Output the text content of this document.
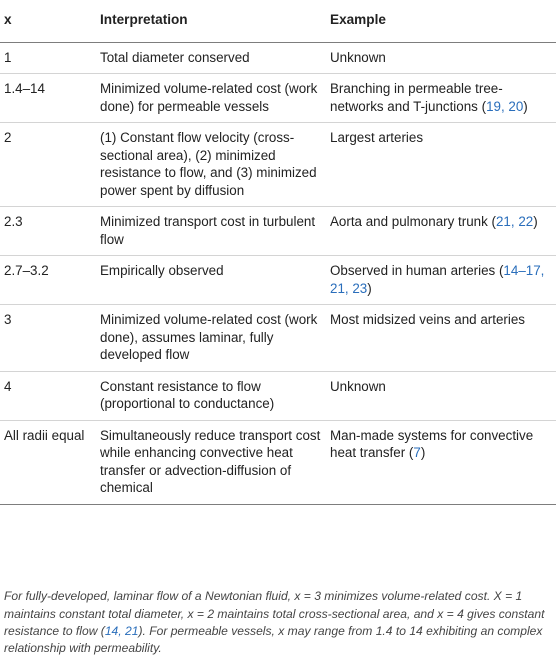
x	Interpretation	Example
1	Total diameter conserved	Unknown
1.4–14	Minimized volume-related cost (work done) for permeable vessels	Branching in permeable tree-networks and T-junctions (19, 20)
2	(1) Constant flow velocity (cross-sectional area), (2) minimized resistance to flow, and (3) minimized power spent by diffusion	Largest arteries
2.3	Minimized transport cost in turbulent flow	Aorta and pulmonary trunk (21, 22)
2.7–3.2	Empirically observed	Observed in human arteries (14–17, 21, 23)
3	Minimized volume-related cost (work done), assumes laminar, fully developed flow	Most midsized veins and arteries
4	Constant resistance to flow (proportional to conductance)	Unknown
All radii equal	Simultaneously reduce transport cost while enhancing convective heat transfer or advection-diffusion of chemical	Man-made systems for convective heat transfer (7)

For fully-developed, laminar flow of a Newtonian fluid, x = 3 minimizes volume-related cost. X = 1 maintains constant total diameter, x = 2 maintains total cross-sectional area, and x = 4 gives constant resistance to flow (14, 21). For permeable vessels, x may range from 1.4 to 14 exhibiting an complex relationship with permeability.
